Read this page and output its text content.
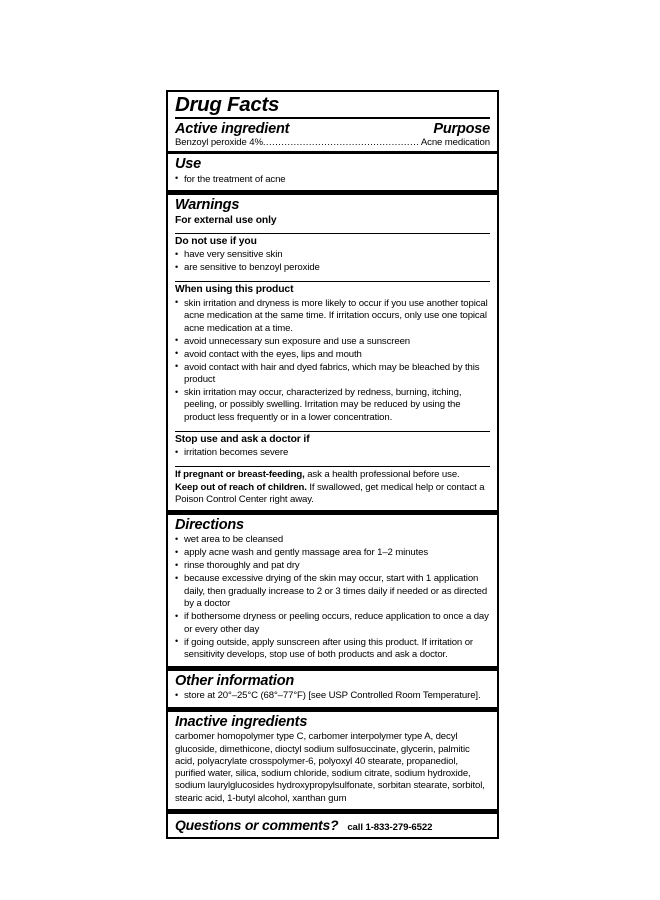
Drug Facts
Active ingredient	Purpose
Benzoyl peroxide 4% ................................................... Acne medication
Use
• for the treatment of acne
Warnings
For external use only
Do not use if you
• have very sensitive skin
• are sensitive to benzoyl peroxide
When using this product
• skin irritation and dryness is more likely to occur if you use another topical acne medication at the same time. If irritation occurs, only use one topical acne medication at a time.
• avoid unnecessary sun exposure and use a sunscreen
• avoid contact with the eyes, lips and mouth
• avoid contact with hair and dyed fabrics, which may be bleached by this product
• skin irritation may occur, characterized by redness, burning, itching, peeling, or possibly swelling. Irritation may be reduced by using the product less frequently or in a lower concentration.
Stop use and ask a doctor if
• irritation becomes severe
If pregnant or breast-feeding, ask a health professional before use.
Keep out of reach of children. If swallowed, get medical help or contact a Poison Control Center right away.
Directions
• wet area to be cleansed
• apply acne wash and gently massage area for 1–2 minutes
• rinse thoroughly and pat dry
• because excessive drying of the skin may occur, start with 1 application daily, then gradually increase to 2 or 3 times daily if needed or as directed by a doctor
• if bothersome dryness or peeling occurs, reduce application to once a day or every other day
• if going outside, apply sunscreen after using this product. If irritation or sensitivity develops, stop use of both products and ask a doctor.
Other information
• store at 20°–25°C (68°–77°F) [see USP Controlled Room Temperature].
Inactive ingredients
carbomer homopolymer type C, carbomer interpolymer type A, decyl glucoside, dimethicone, dioctyl sodium sulfosuccinate, glycerin, palmitic acid, polyacrylate crosspolymer-6, polyoxyl 40 stearate, propanediol, purified water, silica, sodium chloride, sodium citrate, sodium hydroxide, sodium laurylglucosides hydroxypropylsulfonate, sorbitan stearate, sorbitol, stearic acid, 1-butyl alcohol, xanthan gum
Questions or comments? call 1-833-279-6522
